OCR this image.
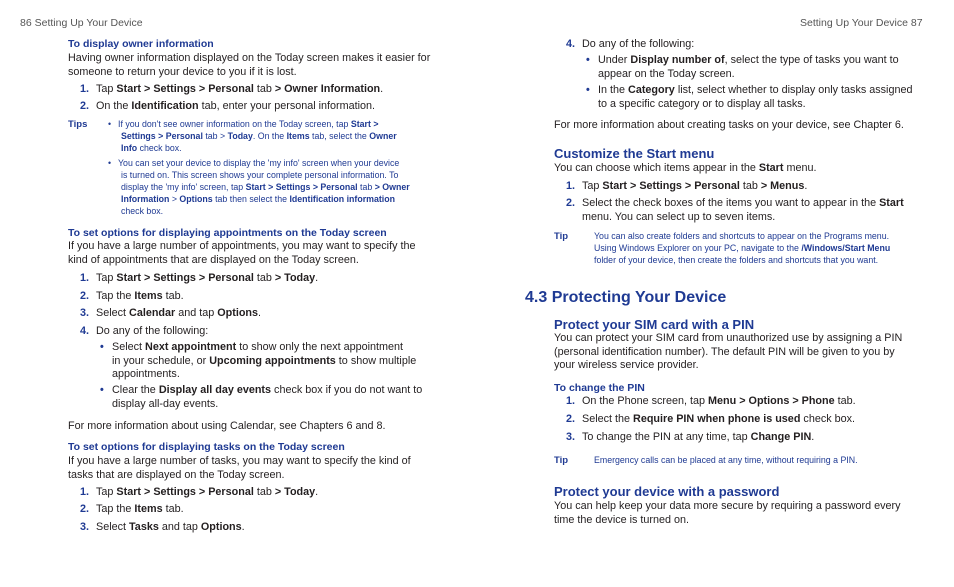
86 Setting Up Your Device
To display owner information
Having owner information displayed on the Today screen makes it easier for
someone to return your device to you if it is lost.
1. Tap Start > Settings > Personal tab > Owner Information.
2. On the Identification tab, enter your personal information.
Tips • If you don't see owner information on the Today screen, tap Start >
Settings > Personal tab > Today. On the Items tab, select the Owner
Info check box.
• You can set your device to display the 'my info' screen when your device
is turned on. This screen shows your complete personal information. To
display the 'my info' screen, tap Start > Settings > Personal tab > Owner
Information > Options tab then select the Identification information
check box.
To set options for displaying appointments on the Today screen
If you have a large number of appointments, you may want to specify the
kind of appointments that are displayed on the Today screen.
1. Tap Start > Settings > Personal tab > Today.
2. Tap the Items tab.
3. Select Calendar and tap Options.
4. Do any of the following:
• Select Next appointment to show only the next appointment
in your schedule, or Upcoming appointments to show multiple
appointments.
• Clear the Display all day events check box if you do not want to
display all-day events.
For more information about using Calendar, see Chapters 6 and 8.
To set options for displaying tasks on the Today screen
If you have a large number of tasks, you may want to specify the kind of
tasks that are displayed on the Today screen.
1. Tap Start > Settings > Personal tab > Today.
2. Tap the Items tab.
3. Select Tasks and tap Options.
Setting Up Your Device 87
4. Do any of the following:
• Under Display number of, select the type of tasks you want to
appear on the Today screen.
• In the Category list, select whether to display only tasks assigned
to a specific category or to display all tasks.
For more information about creating tasks on your device, see Chapter 6.
Customize the Start menu
You can choose which items appear in the Start menu.
1. Tap Start > Settings > Personal tab > Menus.
2. Select the check boxes of the items you want to appear in the Start
menu. You can select up to seven items.
Tip	You can also create folders and shortcuts to appear on the Programs menu.
Using Windows Explorer on your PC, navigate to the /Windows/Start Menu
folder of your device, then create the folders and shortcuts that you want.
4.3 Protecting Your Device
Protect your SIM card with a PIN
You can protect your SIM card from unauthorized use by assigning a PIN
(personal identification number). The default PIN will be given to you by
your wireless service provider.
To change the PIN
1. On the Phone screen, tap Menu > Options > Phone tab.
2. Select the Require PIN when phone is used check box.
3. To change the PIN at any time, tap Change PIN.
Tip	Emergency calls can be placed at any time, without requiring a PIN.
Protect your device with a password
You can help keep your data more secure by requiring a password every
time the device is turned on.
